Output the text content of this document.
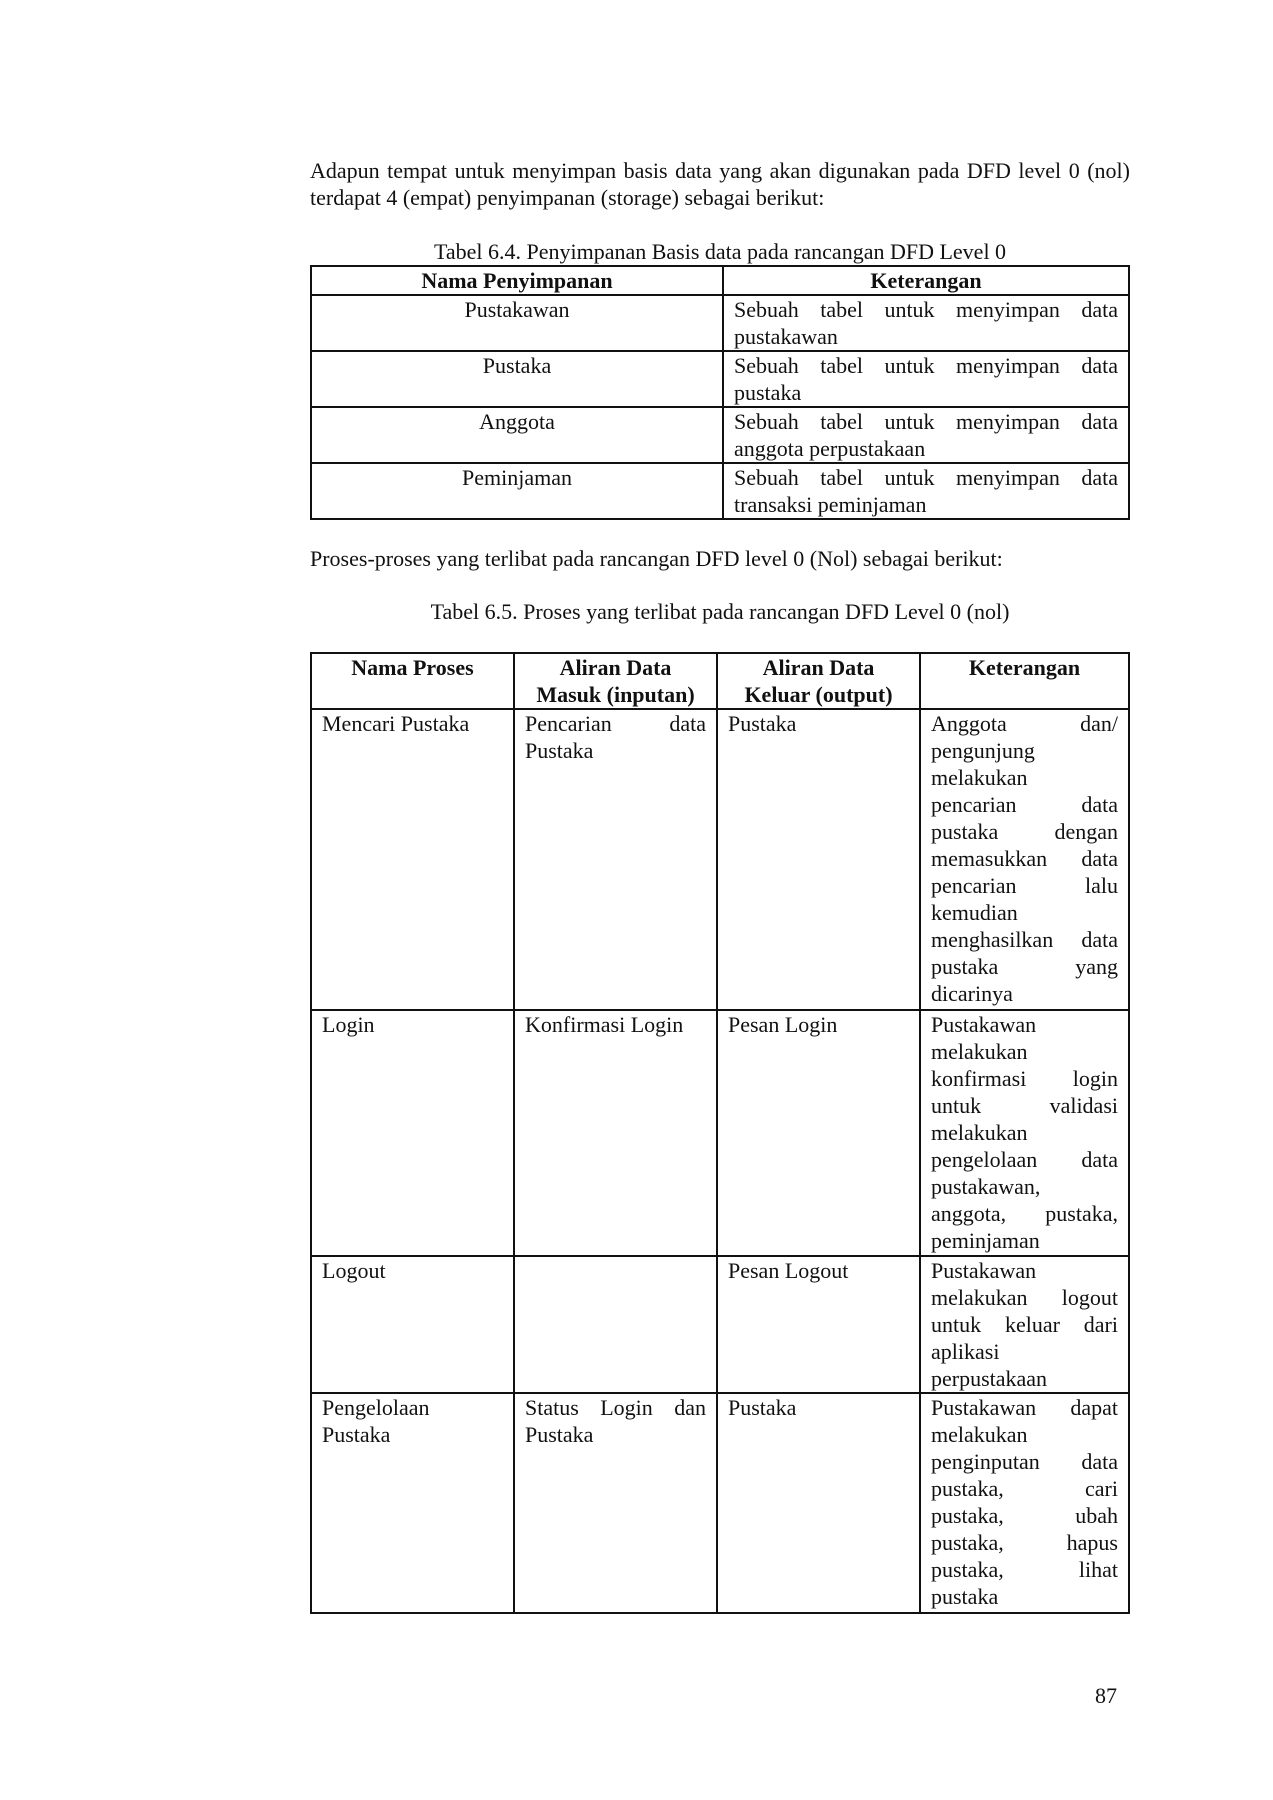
Adapun tempat untuk menyimpan basis data yang akan digunakan pada DFD level 0 (nol) terdapat 4 (empat) penyimpanan (storage) sebagai berikut:
Tabel 6.4. Penyimpanan Basis data pada rancangan DFD Level 0
Nama Penyimpanan	Keterangan
Pustakawan	Sebuah tabel untuk menyimpan data pustakawan
Pustaka	Sebuah tabel untuk menyimpan data pustaka
Anggota	Sebuah tabel untuk menyimpan data anggota perpustakaan
Peminjaman	Sebuah tabel untuk menyimpan data transaksi peminjaman
Proses-proses yang terlibat pada rancangan DFD level 0 (Nol) sebagai berikut:
Tabel 6.5. Proses yang terlibat pada rancangan DFD Level 0 (nol)
Nama Proses	Aliran Data Masuk (inputan)	Aliran Data Keluar (output)	Keterangan
Mencari Pustaka	Pencarian data Pustaka	Pustaka	Anggota dan/ pengunjung melakukan pencarian data pustaka dengan memasukkan data pencarian lalu kemudian menghasilkan data pustaka yang dicarinya
Login	Konfirmasi Login	Pesan Login	Pustakawan melakukan konfirmasi login untuk validasi melakukan pengelolaan data pustakawan, anggota, pustaka, peminjaman
Logout		Pesan Logout	Pustakawan melakukan logout untuk keluar dari aplikasi perpustakaan
Pengelolaan Pustaka	Status Login dan Pustaka	Pustaka	Pustakawan dapat melakukan penginputan data pustaka, cari pustaka, ubah pustaka, hapus pustaka, lihat pustaka
87
